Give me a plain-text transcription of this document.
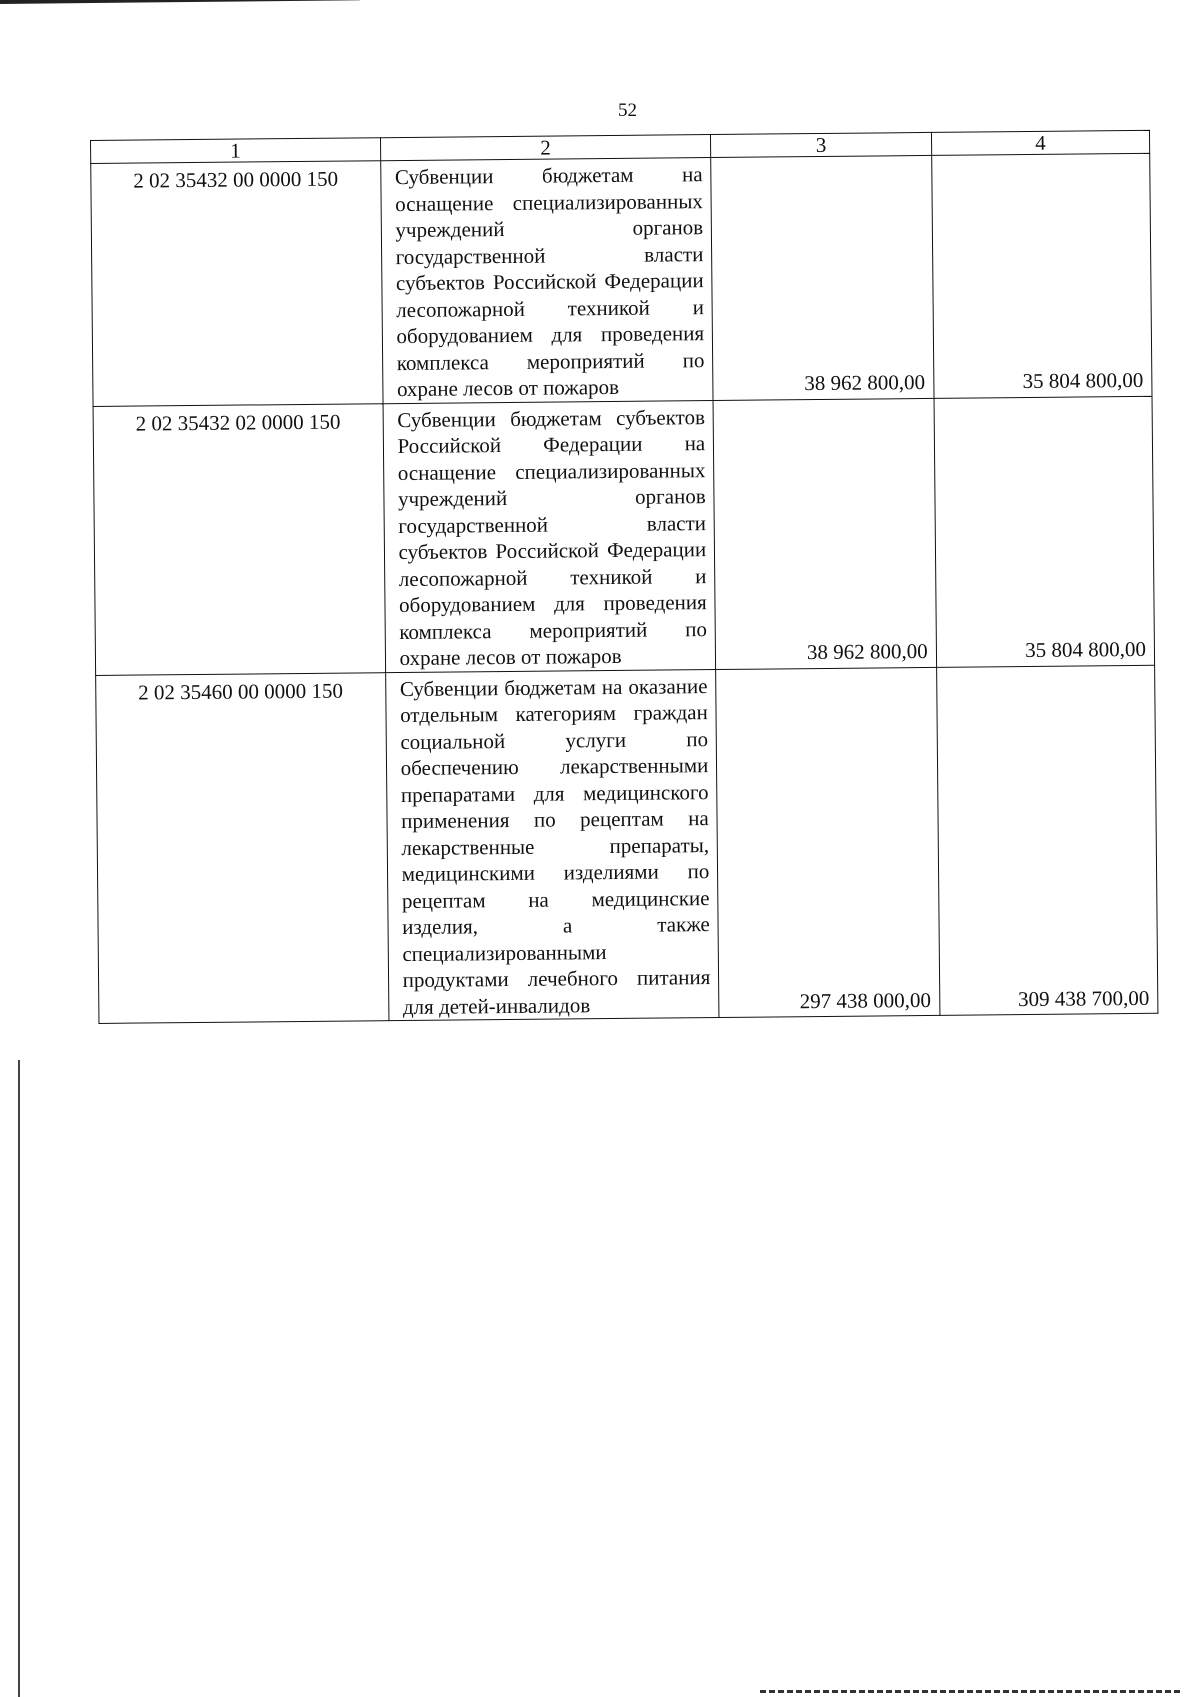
52
1	2	3	4
2 02 35432 00 0000 150	Субвенции бюджетам на оснащение специализированных учреждений органов государственной власти субъектов Российской Федерации лесопожарной техникой и оборудованием для проведения комплекса мероприятий по охране лесов от пожаров	38 962 800,00	35 804 800,00
2 02 35432 02 0000 150	Субвенции бюджетам субъектов Российской Федерации на оснащение специализированных учреждений органов государственной власти субъектов Российской Федерации лесопожарной техникой и оборудованием для проведения комплекса мероприятий по охране лесов от пожаров	38 962 800,00	35 804 800,00
2 02 35460 00 0000 150	Субвенции бюджетам на оказание отдельным категориям граждан социальной услуги по обеспечению лекарственными препаратами для медицинского применения по рецептам на лекарственные препараты, медицинскими изделиями по рецептам на медицинские изделия, а также специализированными продуктами лечебного питания для детей-инвалидов	297 438 000,00	309 438 700,00
